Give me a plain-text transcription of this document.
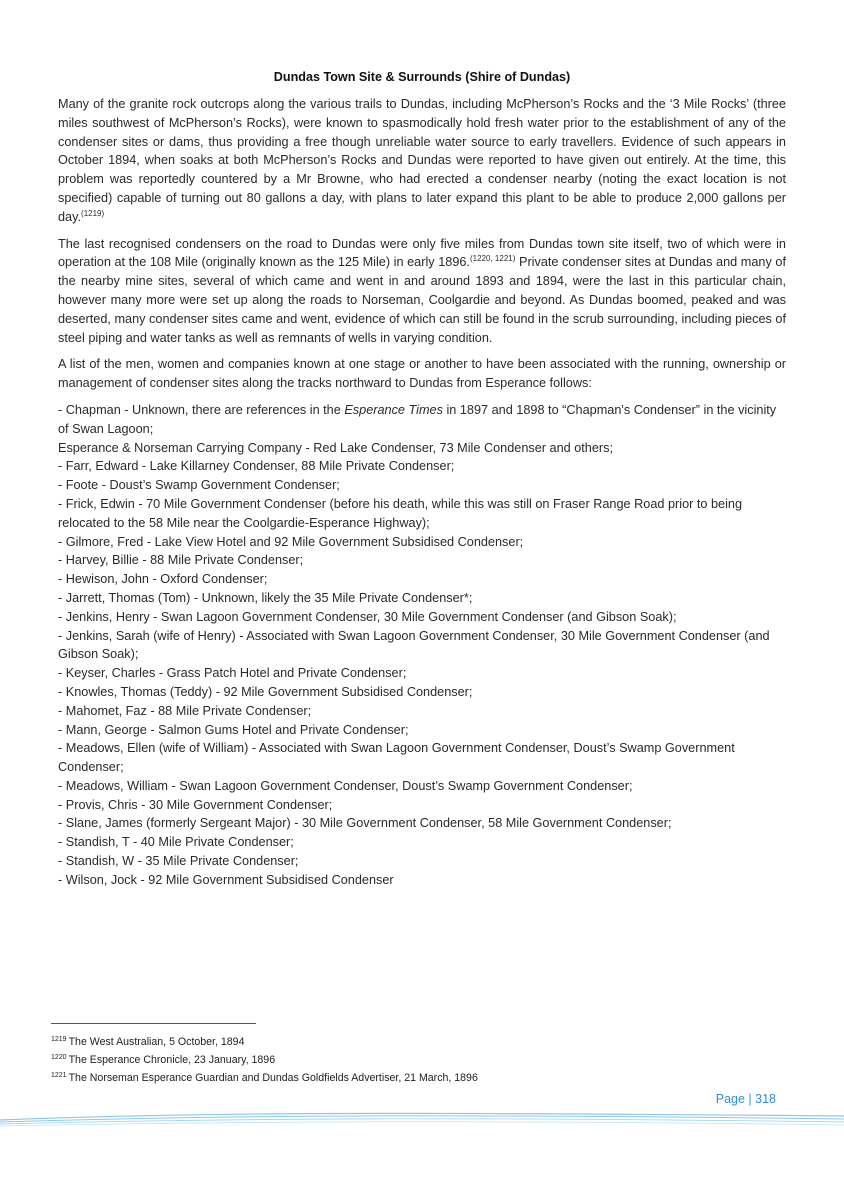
Dundas Town Site & Surrounds (Shire of Dundas)

Many of the granite rock outcrops along the various trails to Dundas, including McPherson’s Rocks and the ‘3 Mile Rocks’ (three miles southwest of McPherson’s Rocks), were known to spasmodically hold fresh water prior to the establishment of any of the condenser sites or dams, thus providing a free though unreliable water source to early travellers. Evidence of such appears in October 1894, when soaks at both McPherson’s Rocks and Dundas were reported to have given out entirely. At the time, this problem was reportedly countered by a Mr Browne, who had erected a condenser nearby (noting the exact location is not specified) capable of turning out 80 gallons a day, with plans to later expand this plant to be able to produce 2,000 gallons per day.$^{(1219)}$

The last recognised condensers on the road to Dundas were only five miles from Dundas town site itself, two of which were in operation at the 108 Mile (originally known as the 125 Mile) in early 1896.$^{(1220, 1221)}$ Private condenser sites at Dundas and many of the nearby mine sites, several of which came and went in and around 1893 and 1894, were the last in this particular chain, however many more were set up along the roads to Norseman, Coolgardie and beyond. As Dundas boomed, peaked and was deserted, many condenser sites came and went, evidence of which can still be found in the scrub surrounding, including pieces of steel piping and water tanks as well as remnants of wells in varying condition.

A list of the men, women and companies known at one stage or another to have been associated with the running, ownership or management of condenser sites along the tracks northward to Dundas from Esperance follows:

- Chapman - Unknown, there are references in the Esperance Times in 1897 and 1898 to “Chapman's Condenser” in the vicinity of Swan Lagoon;
Esperance & Norseman Carrying Company - Red Lake Condenser, 73 Mile Condenser and others;
- Farr, Edward - Lake Killarney Condenser, 88 Mile Private Condenser;
- Foote - Doust’s Swamp Government Condenser;
- Frick, Edwin - 70 Mile Government Condenser (before his death, while this was still on Fraser Range Road prior to being relocated to the 58 Mile near the Coolgardie-Esperance Highway);
- Gilmore, Fred - Lake View Hotel and 92 Mile Government Subsidised Condenser;
- Harvey, Billie - 88 Mile Private Condenser;
- Hewison, John - Oxford Condenser;
- Jarrett, Thomas (Tom) - Unknown, likely the 35 Mile Private Condenser*;
- Jenkins, Henry - Swan Lagoon Government Condenser, 30 Mile Government Condenser (and Gibson Soak);
- Jenkins, Sarah (wife of Henry) - Associated with Swan Lagoon Government Condenser, 30 Mile Government Condenser (and Gibson Soak);
- Keyser, Charles - Grass Patch Hotel and Private Condenser;
- Knowles, Thomas (Teddy) - 92 Mile Government Subsidised Condenser;
- Mahomet, Faz - 88 Mile Private Condenser;
- Mann, George - Salmon Gums Hotel and Private Condenser;
- Meadows, Ellen (wife of William) - Associated with Swan Lagoon Government Condenser, Doust’s Swamp Government Condenser;
- Meadows, William - Swan Lagoon Government Condenser, Doust’s Swamp Government Condenser;
- Provis, Chris - 30 Mile Government Condenser;
- Slane, James (formerly Sergeant Major) - 30 Mile Government Condenser, 58 Mile Government Condenser;
- Standish, T - 40 Mile Private Condenser;
- Standish, W - 35 Mile Private Condenser;
- Wilson, Jock - 92 Mile Government Subsidised Condenser
$^{1219}$ The West Australian, 5 October, 1894
$^{1220}$ The Esperance Chronicle, 23 January, 1896
$^{1221}$ The Norseman Esperance Guardian and Dundas Goldfields Advertiser, 21 March, 1896
Page | 318
